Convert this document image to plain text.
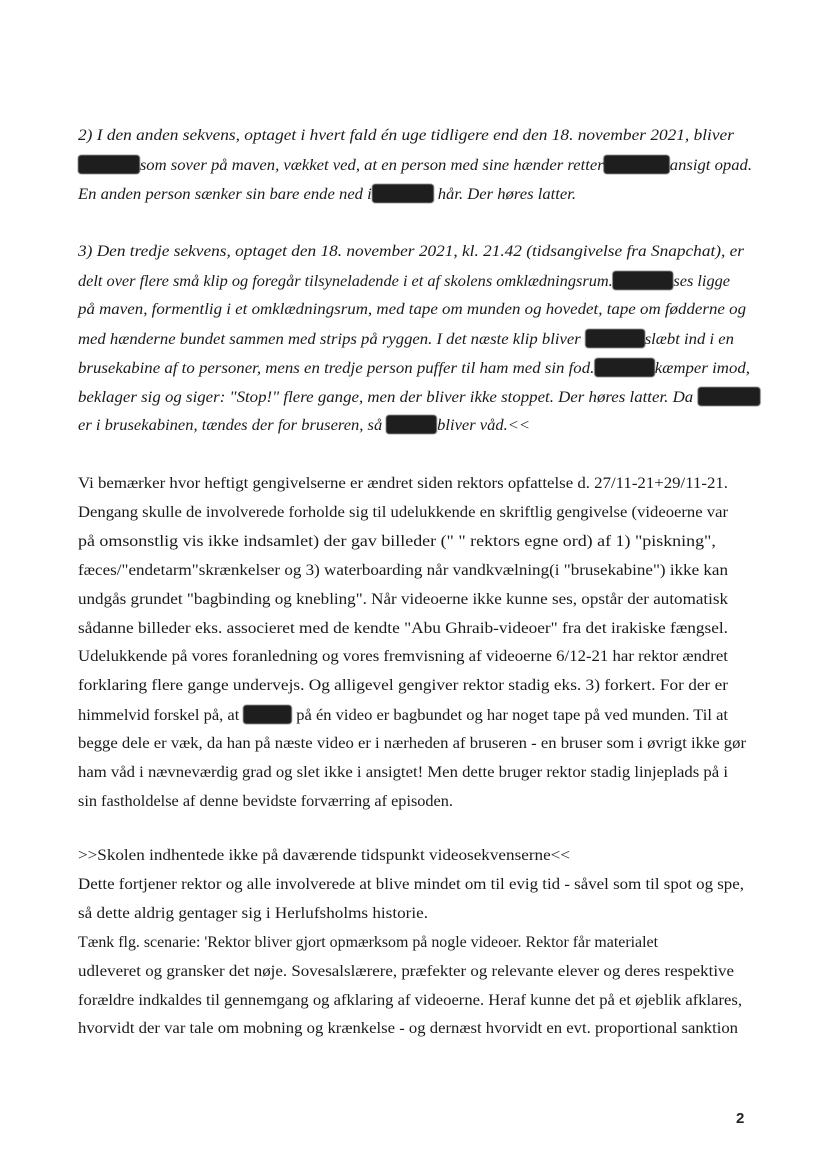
2) I den anden sekvens, optaget i hvert fald én uge tidligere end den 18. november 2021, bliver
som sover på maven, vækket ved, at en person med sine hænder retter	ansigt opad.
En anden person sænker sin bare ende ned i	hår. Der høres latter.
3) Den tredje sekvens, optaget den 18. november 2021, kl. 21.42 (tidsangivelse fra Snapchat), er
delt over flere små klip og foregår tilsyneladende i et af skolens omklædningsrum.	ses ligge
på maven, formentlig i et omklædningsrum, med tape om munden og hovedet, tape om fødderne og
med hænderne bundet sammen med strips på ryggen. I det næste klip bliver	slæbt ind i en
brusekabine af to personer, mens en tredje person puffer til ham med sin fod.	kæmper imod,
beklager sig og siger: "Stop!" flere gange, men der bliver ikke stoppet. Der høres latter. Da
er i brusekabinen, tændes der for bruseren, så	bliver våd.<<
Vi bemærker hvor heftigt gengivelserne er ændret siden rektors opfattelse d. 27/11-21+29/11-21.
Dengang skulle de involverede forholde sig til udelukkende en skriftlig gengivelse (videoerne var
på omsonstlig vis ikke indsamlet) der gav billeder (" " rektors egne ord) af 1) "piskning",
fæces/"endetarm"skrænkelser og 3) waterboarding når vandkvælning(i "brusekabine") ikke kan
undgås grundet "bagbinding og knebling". Når videoerne ikke kunne ses, opstår der automatisk
sådanne billeder eks. associeret med de kendte "Abu Ghraib-videoer" fra det irakiske fængsel.
Udelukkende på vores foranledning og vores fremvisning af videoerne 6/12-21 har rektor ændret
forklaring flere gange undervejs. Og alligevel gengiver rektor stadig eks. 3) forkert. For der er
himmelvid forskel på, at	på én video er bagbundet og har noget tape på ved munden. Til at
begge dele er væk, da han på næste video er i nærheden af bruseren - en bruser som i øvrigt ikke gør
ham våd i nævneværdig grad og slet ikke i ansigtet! Men dette bruger rektor stadig linjeplads på i
sin fastholdelse af denne bevidste forværring af episoden.
>>Skolen indhentede ikke på daværende tidspunkt videosekvenserne<<
Dette fortjener rektor og alle involverede at blive mindet om til evig tid - såvel som til spot og spe,
så dette aldrig gentager sig i Herlufsholms historie.
Tænk flg. scenarie: 'Rektor bliver gjort opmærksom på nogle videoer. Rektor får materialet
udleveret og gransker det nøje. Sovesalslærere, præfekter og relevante elever og deres respektive
forældre indkaldes til gennemgang og afklaring af videoerne. Heraf kunne det på et øjeblik afklares,
hvorvidt der var tale om mobning og krænkelse - og dernæst hvorvidt en evt. proportional sanktion
2
